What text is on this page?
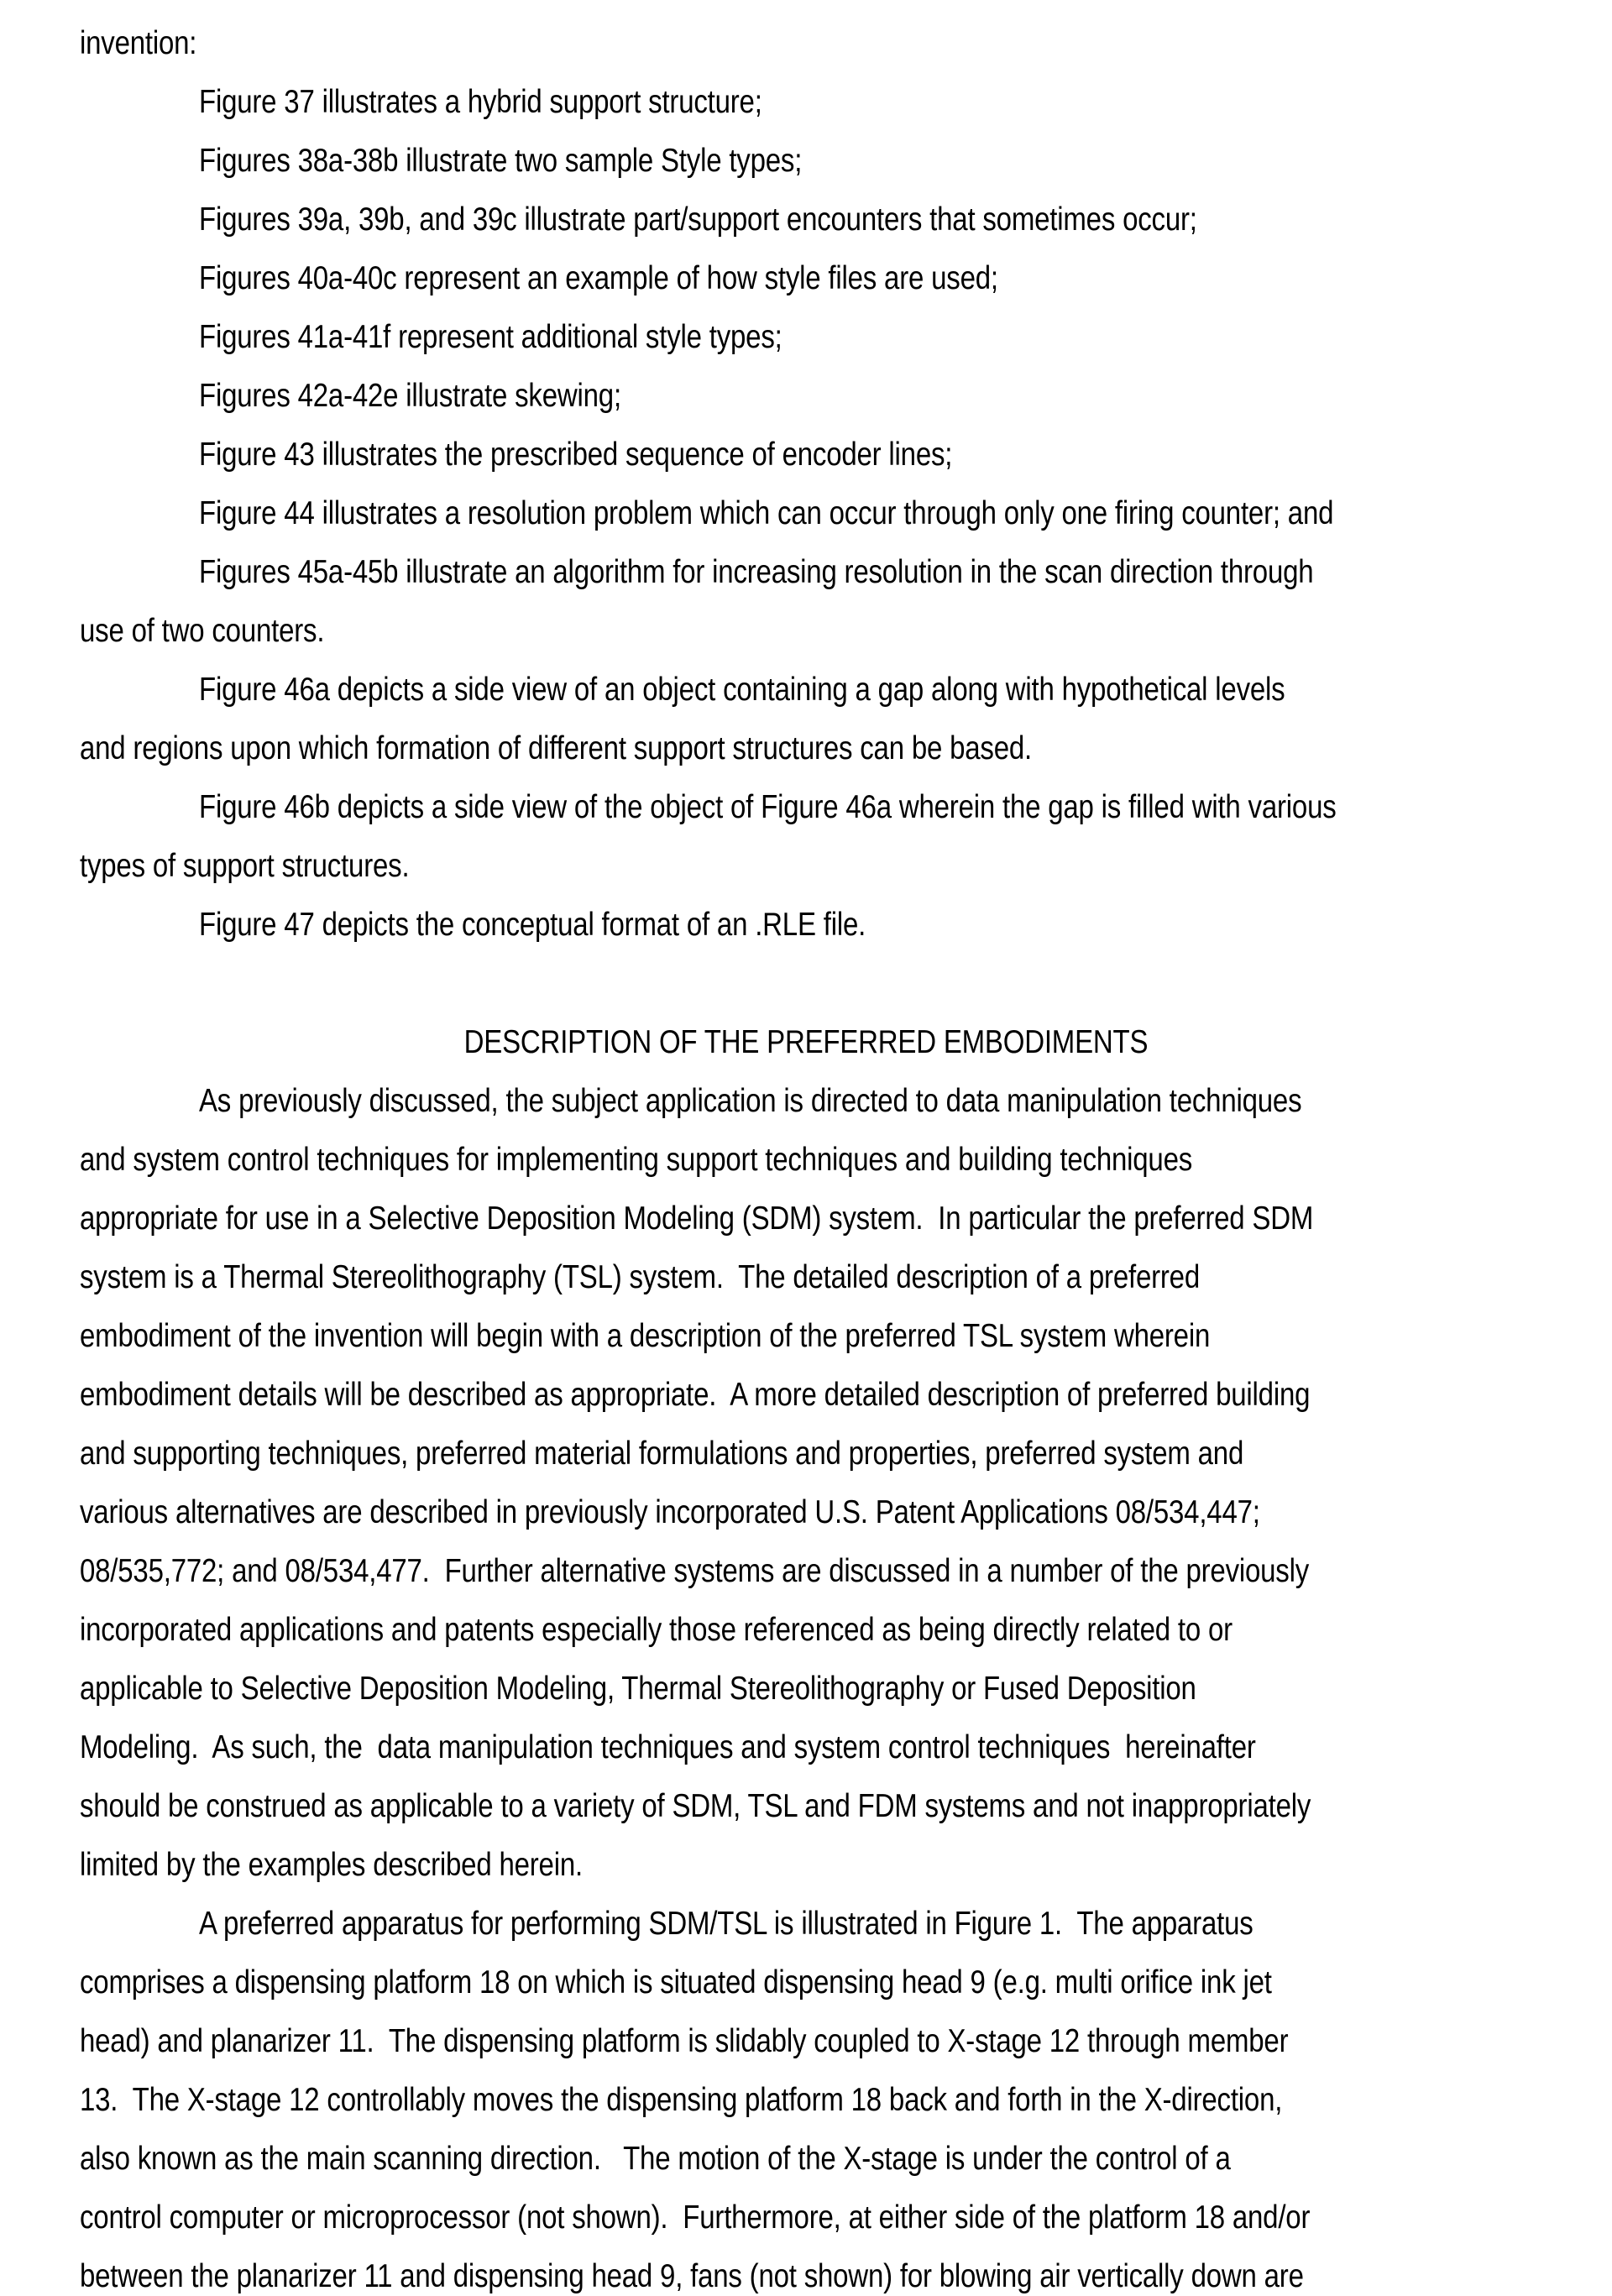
invention:
Figure 37 illustrates a hybrid support structure;
Figures 38a-38b illustrate two sample Style types;
Figures 39a, 39b, and 39c illustrate part/support encounters that sometimes occur;
Figures 40a-40c represent an example of how style files are used;
Figures 41a-41f represent additional style types;
Figures 42a-42e illustrate skewing;
Figure 43 illustrates the prescribed sequence of encoder lines;
Figure 44 illustrates a resolution problem which can occur through only one firing counter; and
Figures 45a-45b illustrate an algorithm for increasing resolution in the scan direction through
use of two counters.
Figure 46a depicts a side view of an object containing a gap along with hypothetical levels
and regions upon which formation of different support structures can be based.
Figure 46b depicts a side view of the object of Figure 46a wherein the gap is filled with various
types of support structures.
Figure 47 depicts the conceptual format of an .RLE file.
DESCRIPTION OF THE PREFERRED EMBODIMENTS
As previously discussed, the subject application is directed to data manipulation techniques
and system control techniques for implementing support techniques and building techniques
appropriate for use in a Selective Deposition Modeling (SDM) system.  In particular the preferred SDM
system is a Thermal Stereolithography (TSL) system.  The detailed description of a preferred
embodiment of the invention will begin with a description of the preferred TSL system wherein
embodiment details will be described as appropriate.  A more detailed description of preferred building
and supporting techniques, preferred material formulations and properties, preferred system and
various alternatives are described in previously incorporated U.S. Patent Applications 08/534,447;
08/535,772; and 08/534,477.  Further alternative systems are discussed in a number of the previously
incorporated applications and patents especially those referenced as being directly related to or
applicable to Selective Deposition Modeling, Thermal Stereolithography or Fused Deposition
Modeling.  As such, the  data manipulation techniques and system control techniques  hereinafter
should be construed as applicable to a variety of SDM, TSL and FDM systems and not inappropriately
limited by the examples described herein.
A preferred apparatus for performing SDM/TSL is illustrated in Figure 1.  The apparatus
comprises a dispensing platform 18 on which is situated dispensing head 9 (e.g. multi orifice ink jet
head) and planarizer 11.  The dispensing platform is slidably coupled to X-stage 12 through member
13.  The X-stage 12 controllably moves the dispensing platform 18 back and forth in the X-direction,
also known as the main scanning direction.   The motion of the X-stage is under the control of a
control computer or microprocessor (not shown).  Furthermore, at either side of the platform 18 and/or
between the planarizer 11 and dispensing head 9, fans (not shown) for blowing air vertically down are
